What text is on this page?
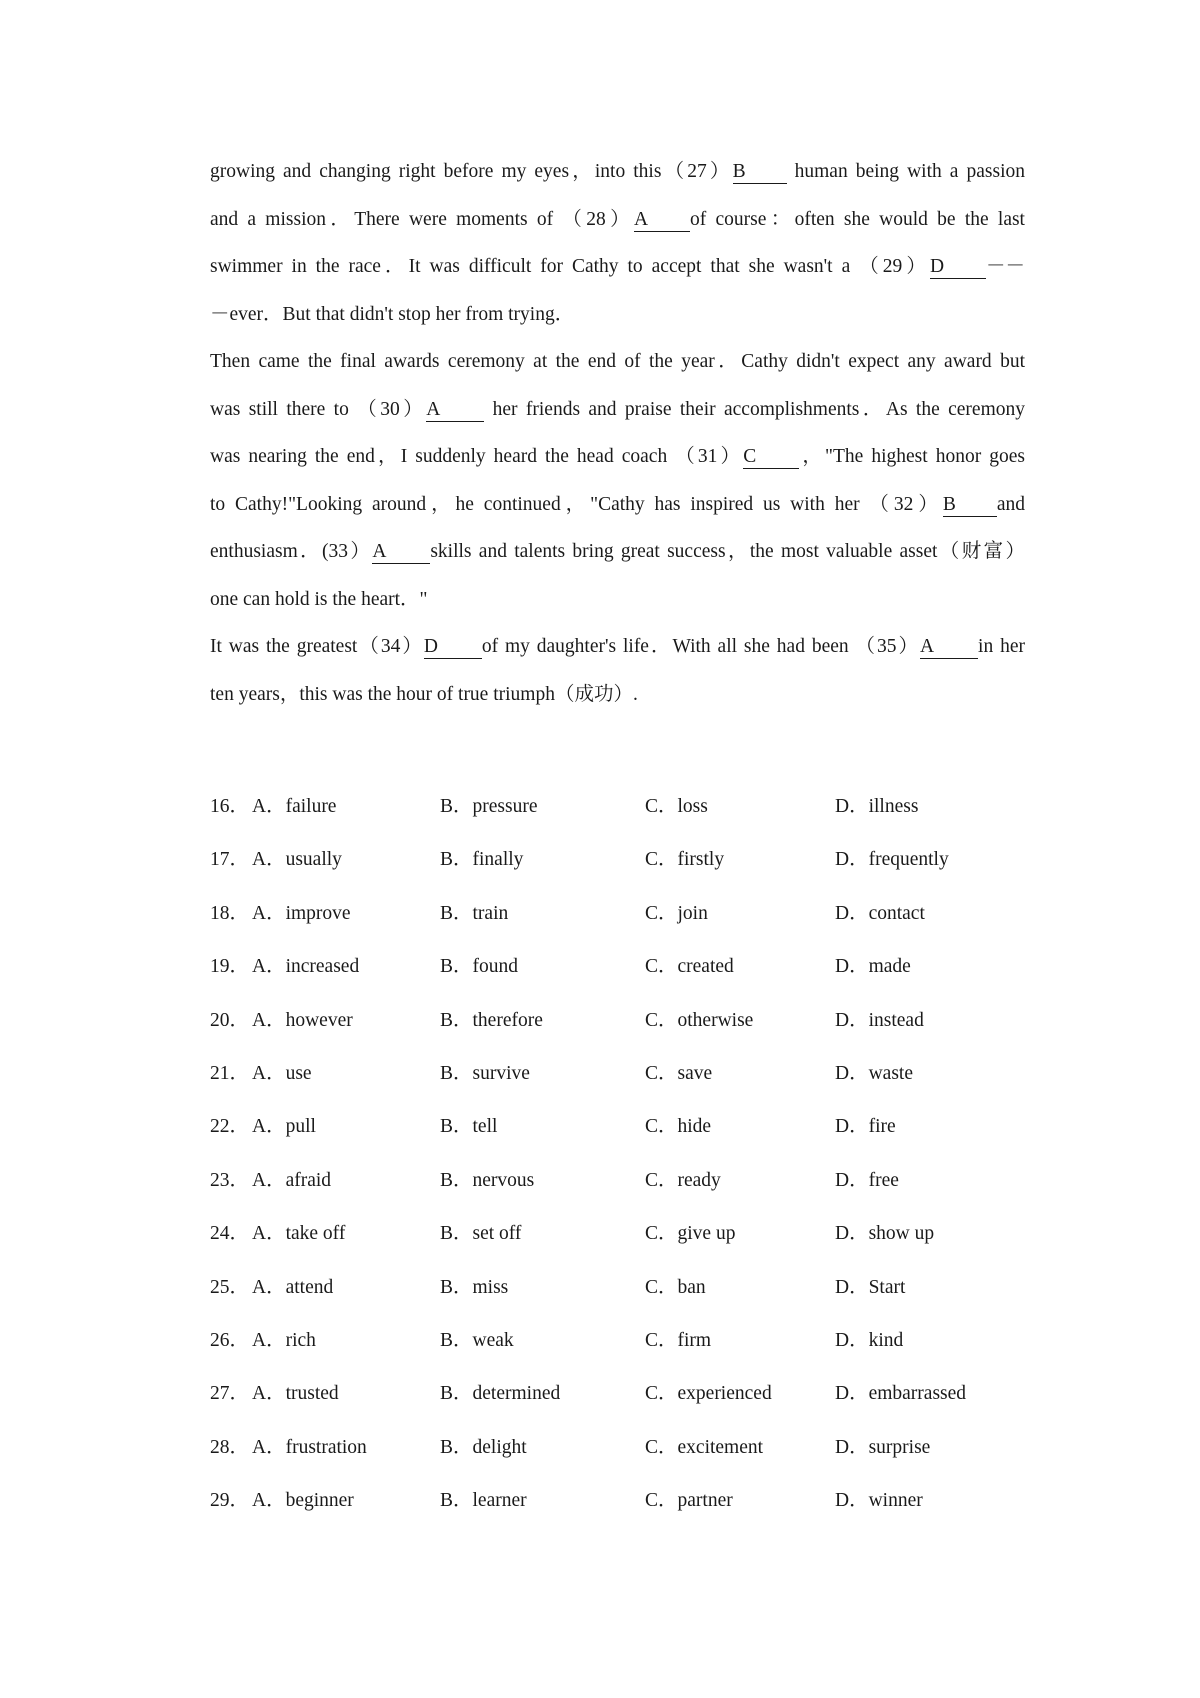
growing and changing right before my eyes，into this（27）B human being with a passion
and a mission．There were moments of （28）A of course：often she would be the last
swimmer in the race．It was difficult for Cathy to accept that she wasn't a （29）D －－
－ever．But that didn't stop her from trying．
Then came the final awards ceremony at the end of the year．Cathy didn't expect any award but
was still there to （30）A her friends and praise their accomplishments．As the ceremony
was nearing the end，I suddenly heard the head coach （31）C ，"The highest honor goes
to Cathy!"Looking around，he continued，"Cathy has inspired us with her （32）B and
enthusiasm．(33）A skills and talents bring great success，the most valuable asset（财富）
one can hold is the heart．"
It was the greatest（34）D of my daughter's life．With all she had been （35）A in her
ten years，this was the hour of true triumph（成功）.
16． A．failure	B．pressure	C．loss	D．illness
17． A．usually	B．finally	C．firstly	D．frequently
18． A．improve	B．train	C．join	D．contact
19． A．increased	B．found	C．created	D．made
20． A．however	B．therefore	C．otherwise	D．instead
21． A．use	B．survive	C．save	D．waste
22． A．pull	B．tell	C．hide	D．fire
23． A．afraid	B．nervous	C．ready	D．free
24． A．take off	B．set off	C．give up	D．show up
25． A．attend	B．miss	C．ban	D．Start
26． A．rich	B．weak	C．firm	D．kind
27． A．trusted	B．determined	C．experienced	D．embarrassed
28． A．frustration	B．delight	C．excitement	D．surprise
29． A．beginner	B．learner	C．partner	D．winner
